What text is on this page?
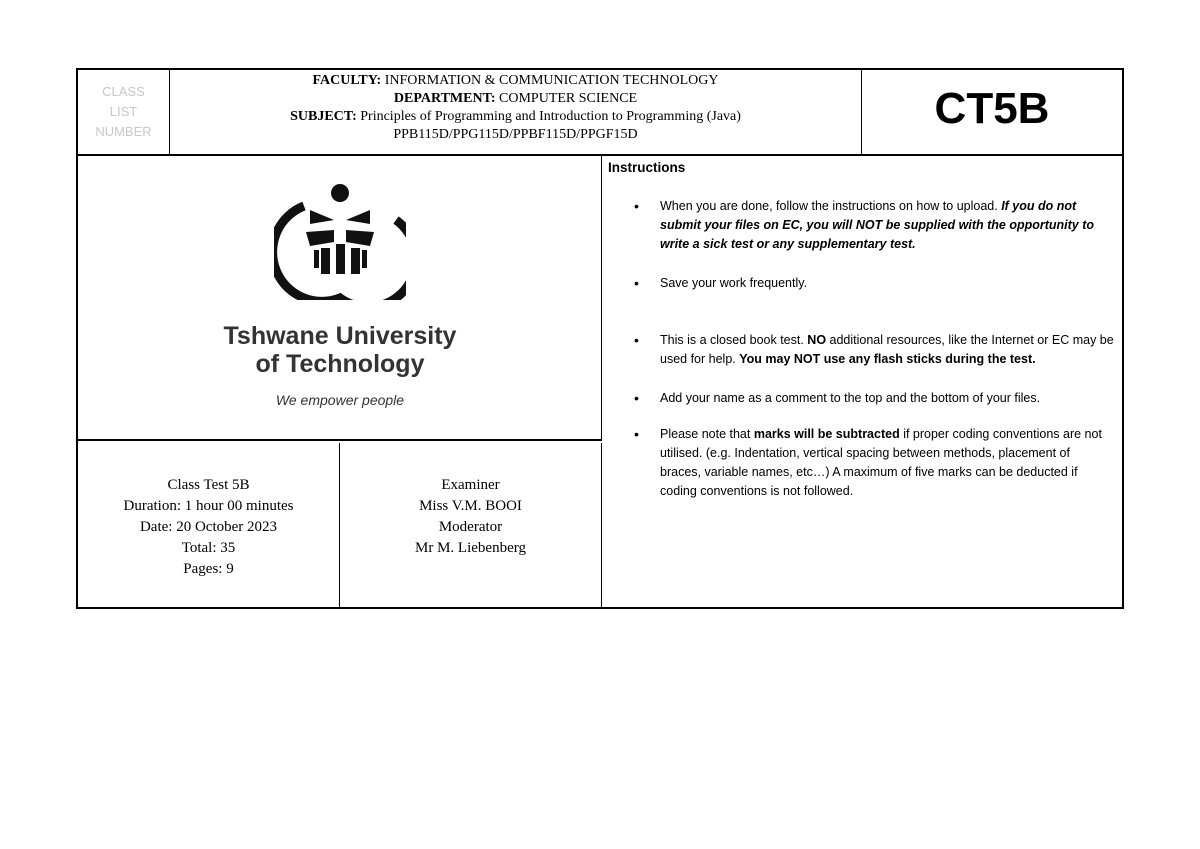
CLASS
LIST
NUMBER
FACULTY: INFORMATION & COMMUNICATION TECHNOLOGY
DEPARTMENT: COMPUTER SCIENCE
SUBJECT: Principles of Programming and Introduction to Programming (Java)
PPB115D/PPG115D/PPBF115D/PPGF15D
CT5B
Tshwane University
of Technology
We empower people
Class Test 5B
Duration: 1 hour 00 minutes
Date: 20 October 2023
Total: 35
Pages: 9
Examiner
Miss V.M. BOOI
Moderator
Mr M. Liebenberg
Instructions
• When you are done, follow the instructions on how to upload. If you do not submit your files on EC, you will NOT be supplied with the opportunity to write a sick test or any supplementary test.
• Save your work frequently.
• This is a closed book test. NO additional resources, like the Internet or EC may be used for help. You may NOT use any flash sticks during the test.
• Add your name as a comment to the top and the bottom of your files.
• Please note that marks will be subtracted if proper coding conventions are not utilised. (e.g. Indentation, vertical spacing between methods, placement of braces, variable names, etc…) A maximum of five marks can be deducted if coding conventions is not followed.
